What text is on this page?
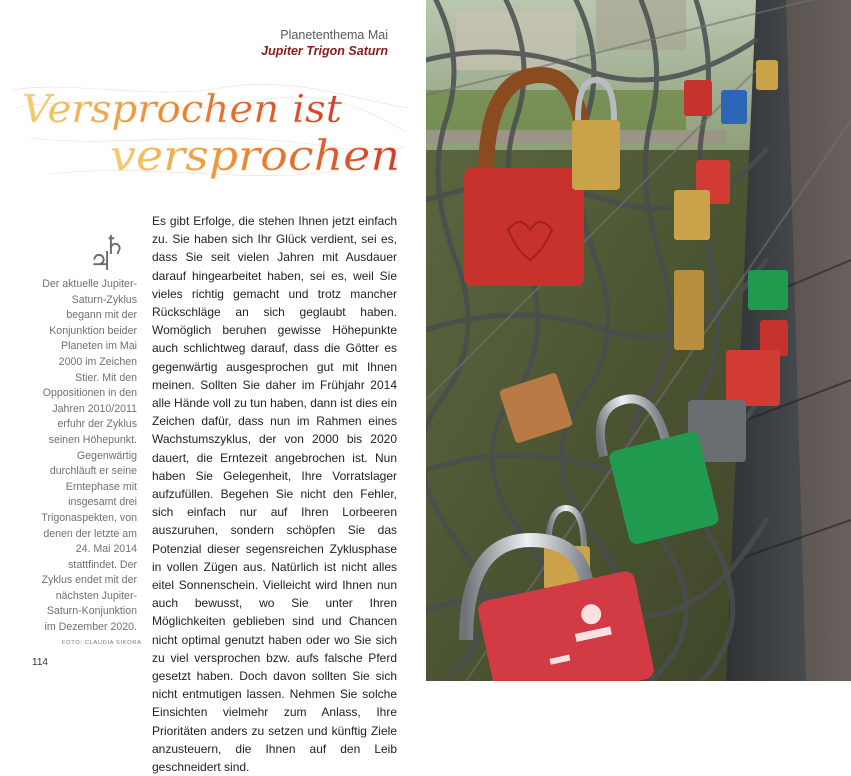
Planetenthema Mai
Jupiter Trigon Saturn
Versprochen ist
versprochen
♃
♄
Der aktuelle Jupiter-Saturn-Zyklus begann mit der Konjunktion beider Planeten im Mai 2000 im Zeichen Stier. Mit den Oppositionen in den Jahren 2010/2011 erfuhr der Zyklus seinen Höhepunkt. Gegenwärtig durchläuft er seine Erntephase mit insgesamt drei Trigonaspekten, von denen der letzte am 24. Mai 2014 stattfindet. Der Zyklus endet mit der nächsten Jupiter-Saturn-Konjunktion im Dezember 2020.
FOTO: CLAUDIA SIKORA
114
Es gibt Erfolge, die stehen Ihnen jetzt einfach zu. Sie haben sich Ihr Glück verdient, sei es, dass Sie seit vielen Jahren mit Ausdauer darauf hingearbeitet haben, sei es, weil Sie vieles richtig gemacht und trotz mancher Rückschläge an sich geglaubt haben. Womöglich beruhen gewisse Höhepunkte auch schlichtweg darauf, dass die Götter es gegenwärtig ausgesprochen gut mit Ihnen meinen. Sollten Sie daher im Frühjahr 2014 alle Hände voll zu tun haben, dann ist dies ein Zeichen dafür, dass nun im Rahmen eines Wachstumszyklus, der von 2000 bis 2020 dauert, die Erntezeit angebrochen ist. Nun haben Sie Gelegenheit, Ihre Vorratslager aufzufüllen. Begehen Sie nicht den Fehler, sich einfach nur auf Ihren Lorbeeren auszuruhen, sondern schöpfen Sie das Potenzial dieser segensreichen Zyklusphase in vollen Zügen aus. Natürlich ist nicht alles eitel Sonnenschein. Vielleicht wird Ihnen nun auch bewusst, wo Sie unter Ihren Möglichkeiten geblieben sind und Chancen nicht optimal genutzt haben oder wo Sie sich zu viel versprochen bzw. aufs falsche Pferd gesetzt haben. Doch davon sollten Sie sich nicht entmutigen lassen. Nehmen Sie solche Einsichten vielmehr zum Anlass, Ihre Prioritäten anders zu setzen und künftig Ziele anzusteuern, die Ihnen auf den Leib geschneidert sind.
